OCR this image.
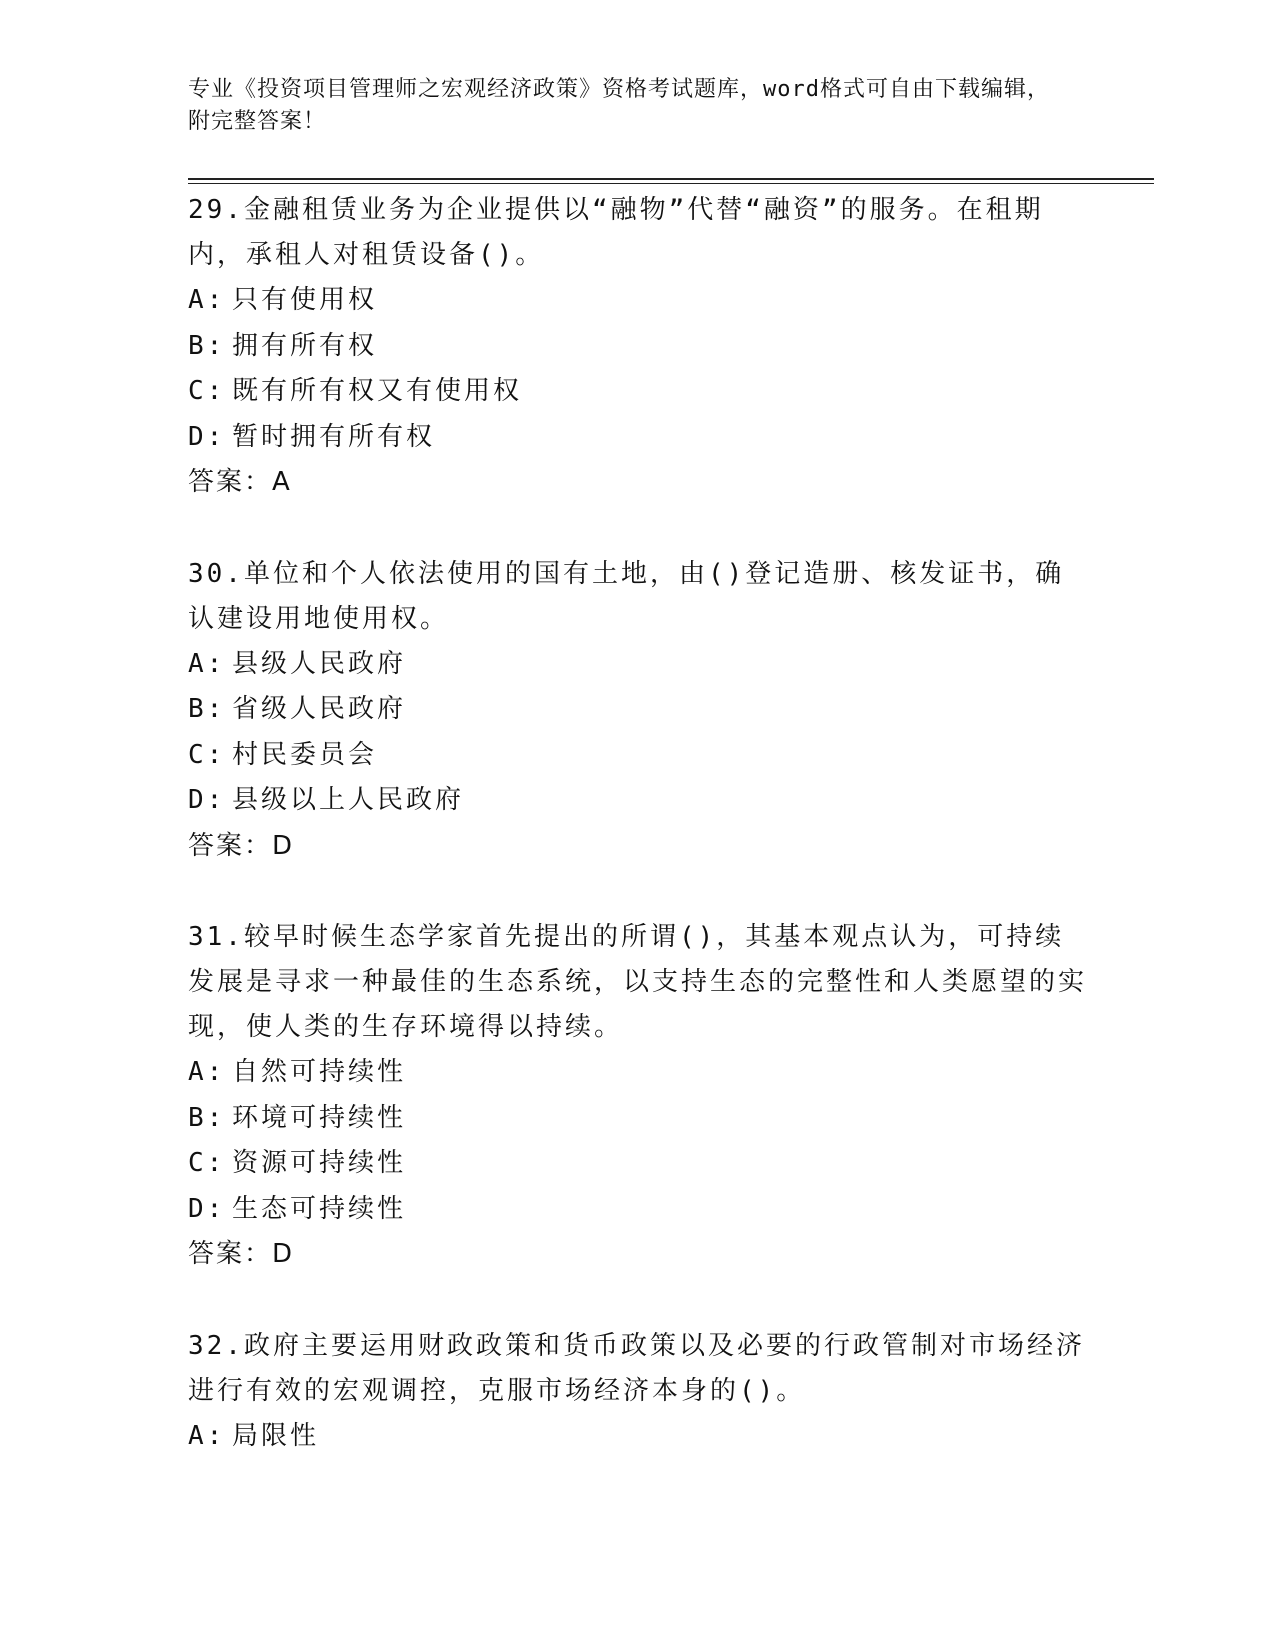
专业《投资项目管理师之宏观经济政策》资格考试题库，word格式可自由下载编辑，附完整答案！

29.金融租赁业务为企业提供以“融物”代替“融资”的服务。在租期内，承租人对租赁设备()。

A: 只有使用权

B: 拥有所有权

C: 既有所有权又有使用权

D: 暂时拥有所有权

答案：A

30.单位和个人依法使用的国有土地，由()登记造册、核发证书，确认建设用地使用权。

A: 县级人民政府

B: 省级人民政府

C: 村民委员会

D: 县级以上人民政府

答案：D

31.较早时候生态学家首先提出的所谓()，其基本观点认为，可持续发展是寻求一种最佳的生态系统，以支持生态的完整性和人类愿望的实现，使人类的生存环境得以持续。

A: 自然可持续性

B: 环境可持续性

C: 资源可持续性

D: 生态可持续性

答案：D

32.政府主要运用财政政策和货币政策以及必要的行政管制对市场经济进行有效的宏观调控，克服市场经济本身的()。

A: 局限性
